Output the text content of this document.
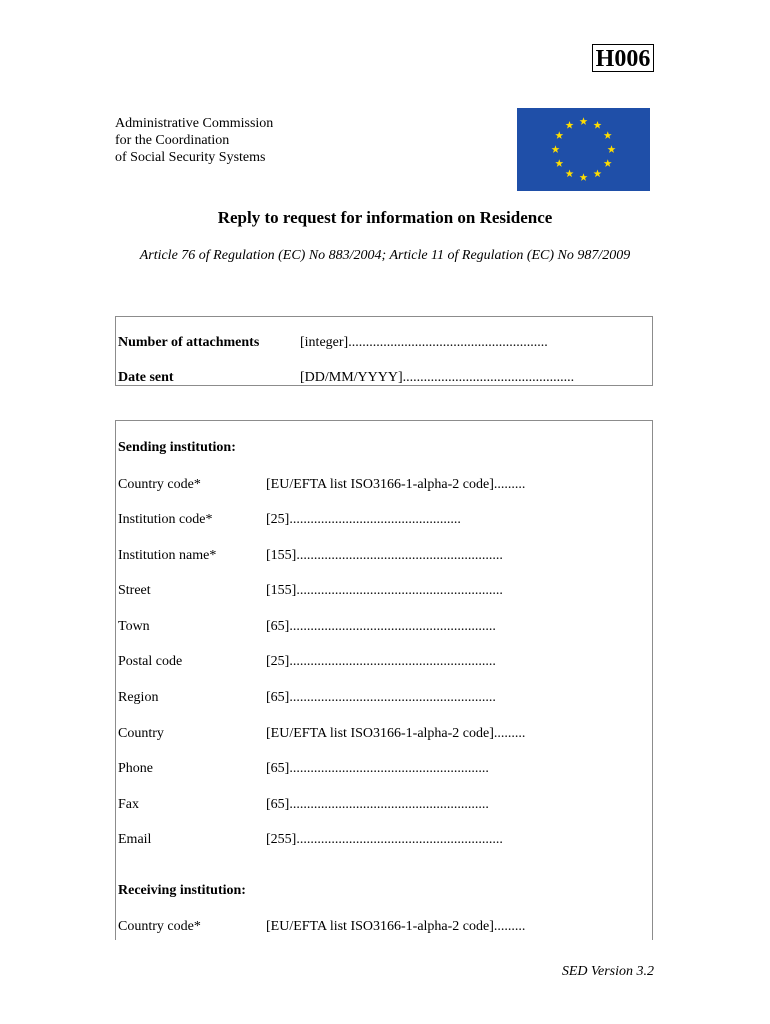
H006
Administrative Commission
for the Coordination
of Social Security Systems
Reply to request for information on Residence
Article 76 of Regulation (EC) No 883/2004; Article 11 of Regulation (EC) No 987/2009
Number of attachments	[integer].........................................................
Date sent	[DD/MM/YYYY].................................................
Sending institution:
Country code*	[EU/EFTA list ISO3166-1-alpha-2 code].........
Institution code*	[25].................................................
Institution name*	[155]...........................................................
Street	[155]...........................................................
Town	[65]...........................................................
Postal code	[25]...........................................................
Region	[65]...........................................................
Country	[EU/EFTA list ISO3166-1-alpha-2 code].........
Phone	[65].........................................................
Fax	[65].........................................................
Email	[255]...........................................................
Receiving institution:
Country code*	[EU/EFTA list ISO3166-1-alpha-2 code].........
SED Version 3.2
